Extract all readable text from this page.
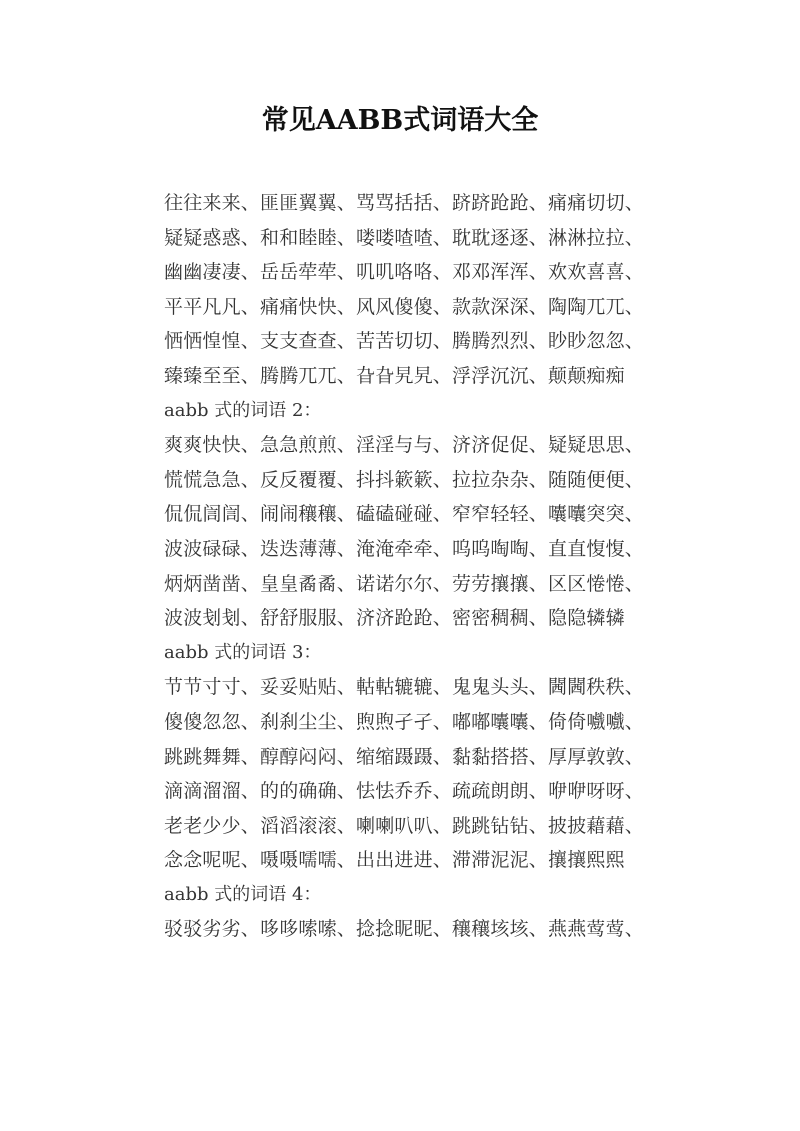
常见AABB式词语大全
往往来来、匪匪翼翼、骂骂括括、跻跻跄跄、痛痛切切、
疑疑惑惑、和和睦睦、喽喽喳喳、耽耽逐逐、淋淋拉拉、
幽幽凄凄、岳岳荦荦、叽叽咯咯、邓邓浑浑、欢欢喜喜、
平平凡凡、痛痛快快、风风傻傻、款款深深、陶陶兀兀、
恓恓惶惶、支支查查、苦苦切切、腾腾烈烈、眇眇忽忽、
臻臻至至、腾腾兀兀、旮旮旯旯、浮浮沉沉、颠颠痴痴
aabb 式的词语 2：
爽爽快快、急急煎煎、淫淫与与、济济促促、疑疑思思、
慌慌急急、反反覆覆、抖抖簌簌、拉拉杂杂、随随便便、
侃侃訚訚、闹闹穰穰、磕磕碰碰、窄窄轻轻、囔囔突突、
波波碌碌、迭迭薄薄、淹淹牵牵、呜呜啕啕、直直愎愎、
炳炳凿凿、皇皇矞矞、诺诺尔尔、劳劳攘攘、区区惓惓、
波波刬刬、舒舒服服、济济跄跄、密密稠稠、隐隐辚辚
aabb 式的词语 3：
节节寸寸、妥妥贴贴、軲軲辘辘、鬼鬼头头、閪閪秩秩、
傻傻忽忽、刹刹尘尘、煦煦孑孑、嘟嘟囔囔、倚倚嚱嚱、
跳跳舞舞、醇醇闷闷、缩缩蹑蹑、黏黏搭搭、厚厚敦敦、
滴滴溜溜、的的确确、怯怯乔乔、疏疏朗朗、咿咿呀呀、
老老少少、滔滔滚滚、喇喇叭叭、跳跳钻钻、披披藉藉、
念念呢呢、嗫嗫嚅嚅、出出进进、滞滞泥泥、攘攘熙熙
aabb 式的词语 4：
驳驳劣劣、哆哆嗦嗦、捻捻昵昵、穰穰垓垓、燕燕莺莺、
